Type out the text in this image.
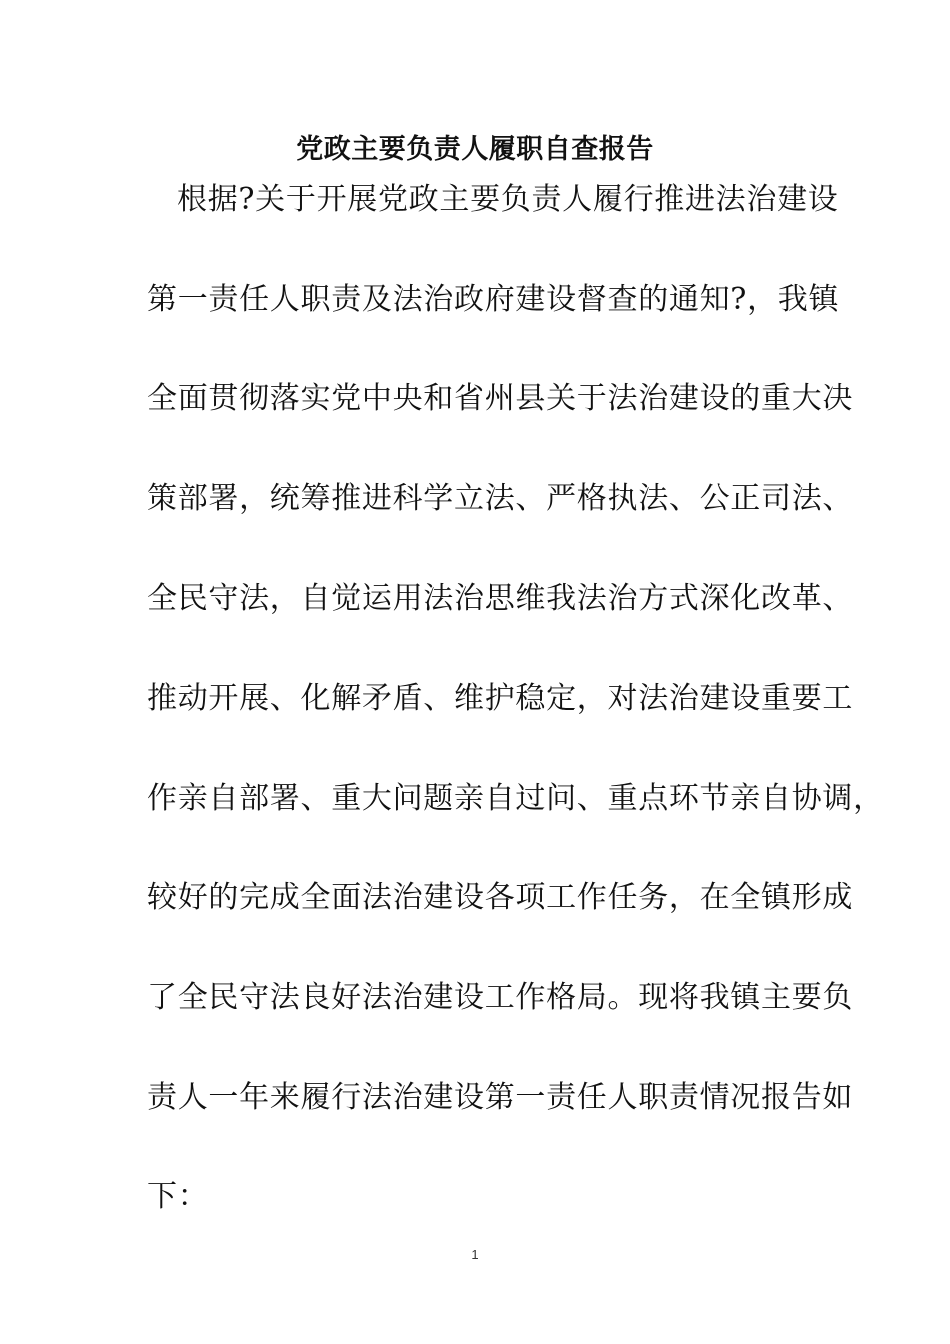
党政主要负责人履职自查报告
根据?关于开展党政主要负责人履行推进法治建设
第一责任人职责及法治政府建设督查的通知?，我镇
全面贯彻落实党中央和省州县关于法治建设的重大决
策部署，统筹推进科学立法、严格执法、公正司法、
全民守法，自觉运用法治思维我法治方式深化改革、
推动开展、化解矛盾、维护稳定，对法治建设重要工
作亲自部署、重大问题亲自过问、重点环节亲自协调，
较好的完成全面法治建设各项工作任务，在全镇形成
了全民守法良好法治建设工作格局。现将我镇主要负
责人一年来履行法治建设第一责任人职责情况报告如
下：
1
